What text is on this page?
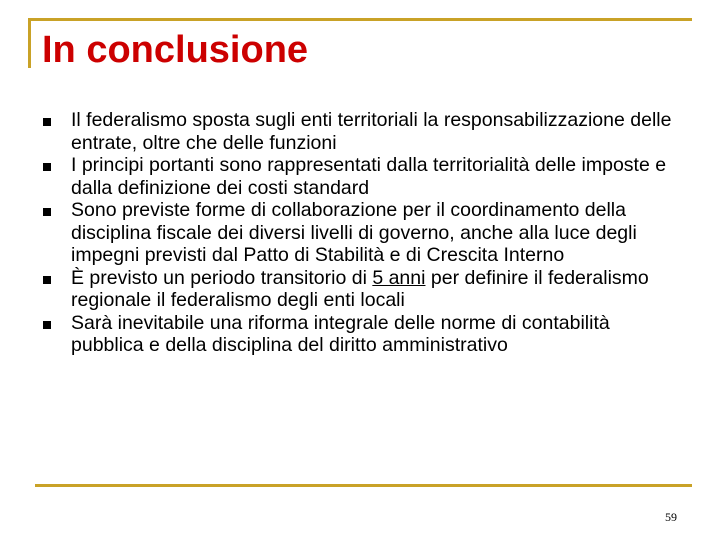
In conclusione
Il federalismo sposta sugli enti territoriali la responsabilizzazione delle entrate, oltre che delle funzioni
I principi portanti sono rappresentati dalla territorialità delle imposte e dalla definizione dei costi standard
Sono previste forme di collaborazione per il coordinamento della disciplina fiscale dei diversi livelli di governo, anche alla luce degli impegni previsti dal Patto di Stabilità e di Crescita Interno
È previsto un periodo transitorio di 5 anni per definire il federalismo regionale il federalismo degli enti locali
Sarà inevitabile una riforma integrale delle norme di contabilità pubblica e della disciplina del diritto amministrativo
59
